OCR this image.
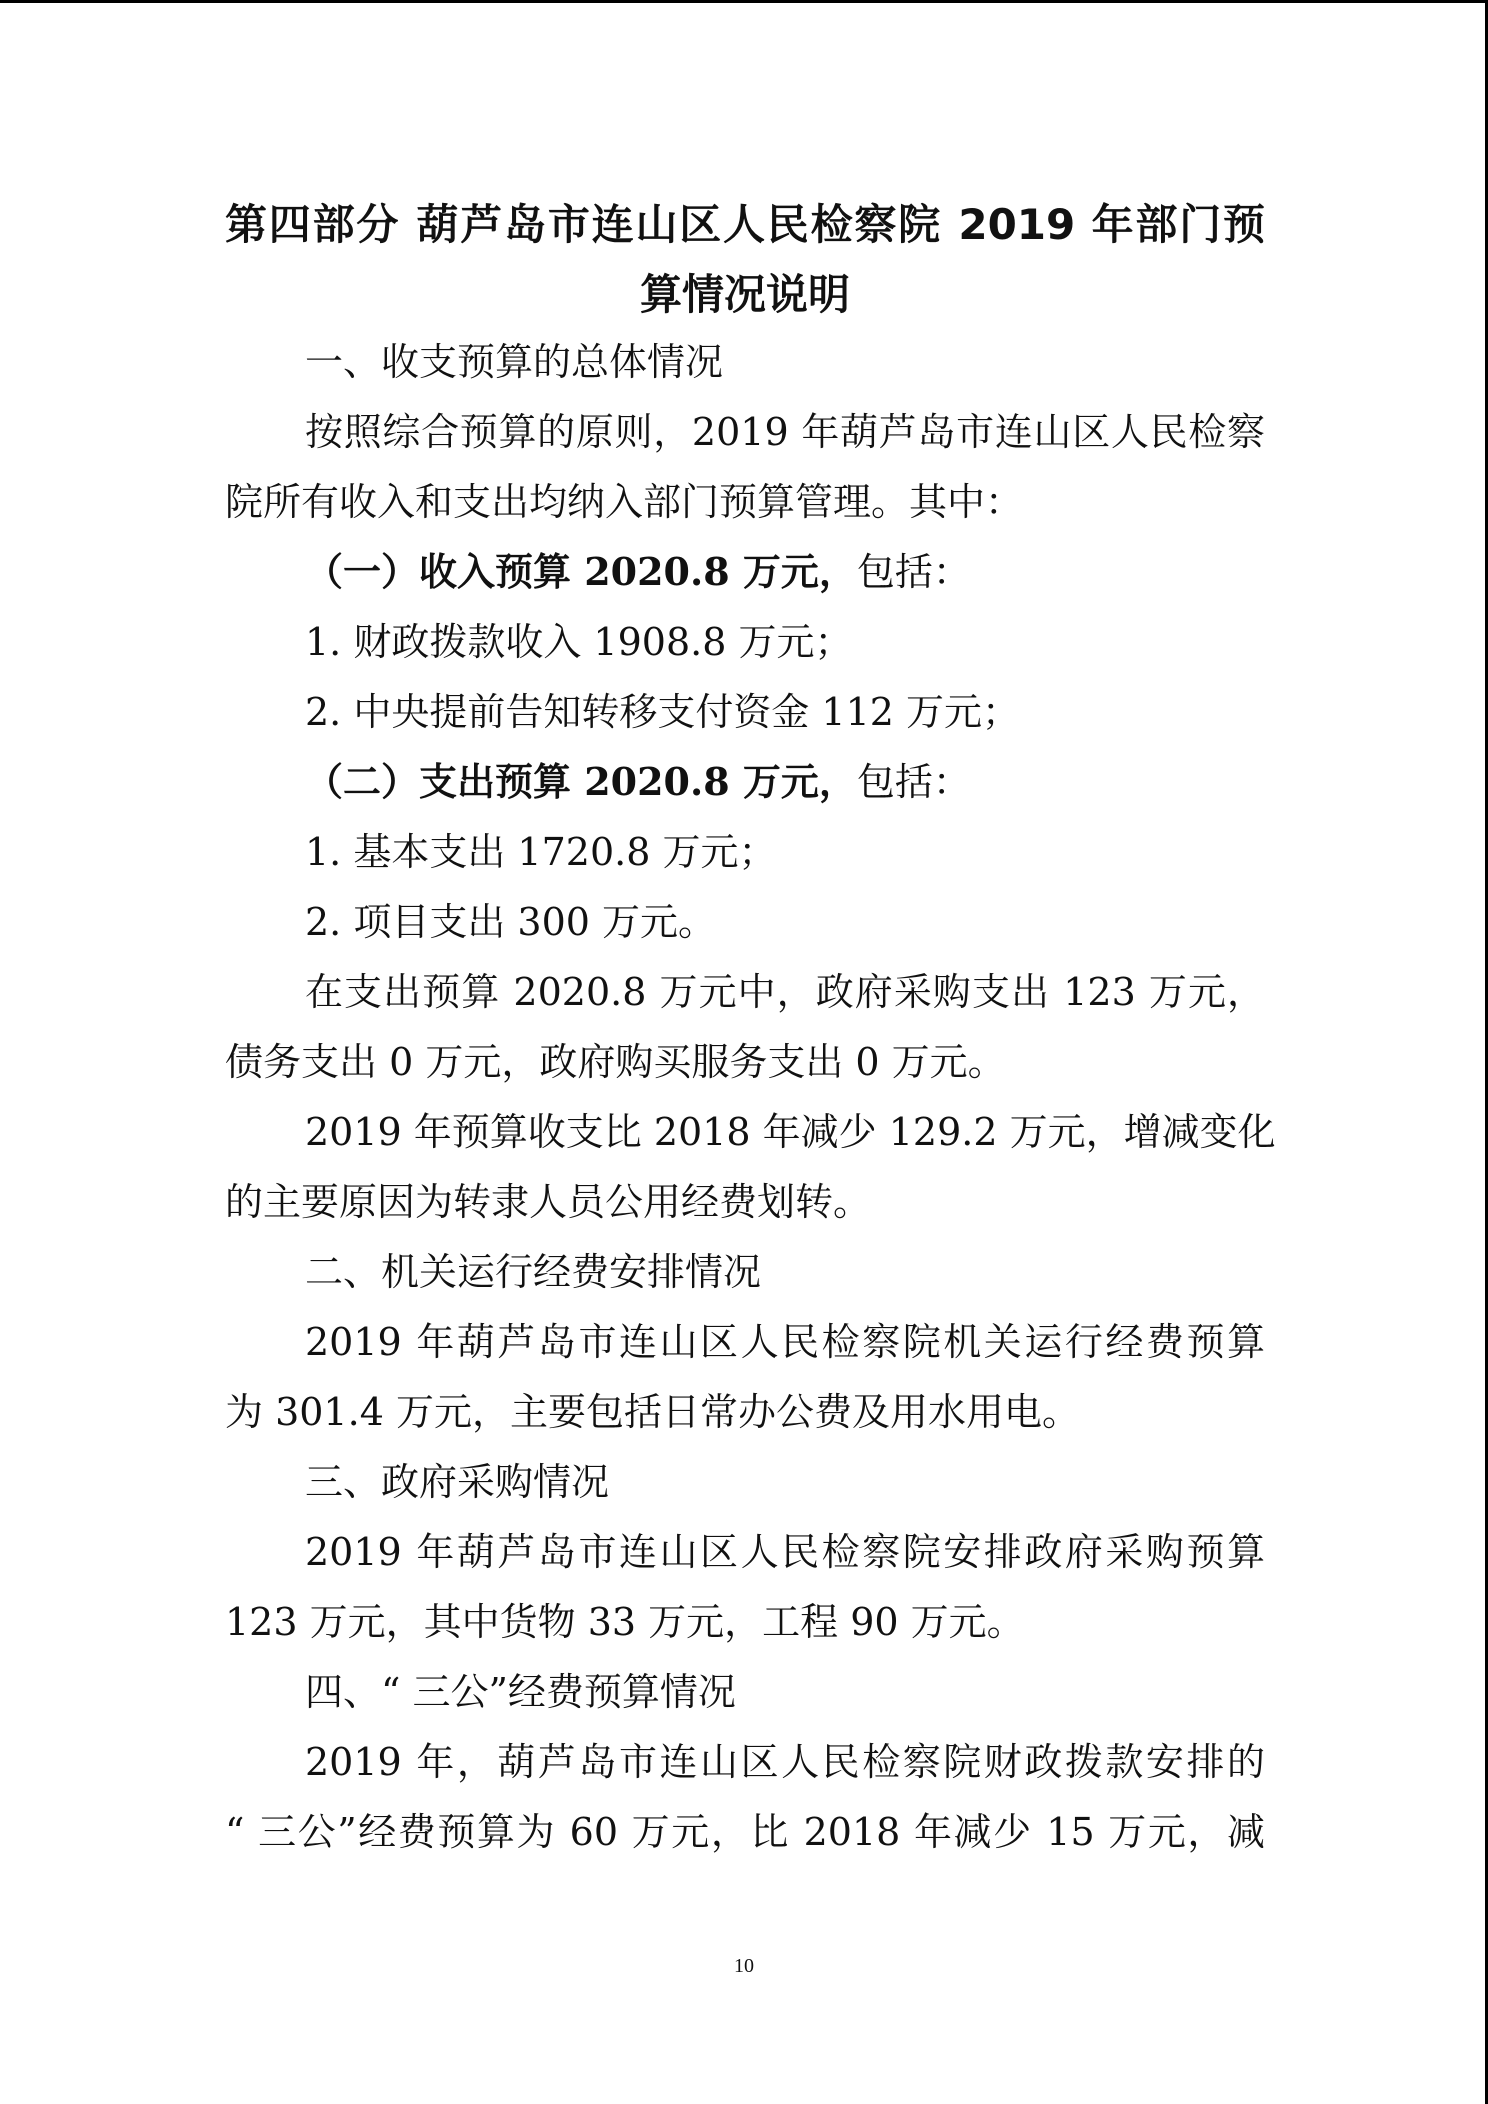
第四部分 葫芦岛市连山区人民检察院 2019 年部门预
算情况说明
一、收支预算的总体情况
按照综合预算的原则，2019 年葫芦岛市连山区人民检察
院所有收入和支出均纳入部门预算管理。其中：
（一）收入预算 2020.8 万元，包括：
1. 财政拨款收入 1908.8 万元；
2. 中央提前告知转移支付资金 112 万元；
（二）支出预算 2020.8 万元，包括：
1. 基本支出 1720.8 万元；
2. 项目支出 300 万元。
在支出预算 2020.8 万元中，政府采购支出 123 万元，
债务支出 0 万元，政府购买服务支出 0 万元。
2019 年预算收支比 2018 年减少 129.2 万元，增减变化
的主要原因为转隶人员公用经费划转。
二、机关运行经费安排情况
2019 年葫芦岛市连山区人民检察院机关运行经费预算
为 301.4 万元，主要包括日常办公费及用水用电。
三、政府采购情况
2019 年葫芦岛市连山区人民检察院安排政府采购预算
123 万元，其中货物 33 万元，工程 90 万元。
四、“ 三公”经费预算情况
2019 年，葫芦岛市连山区人民检察院财政拨款安排的
“ 三公”经费预算为 60 万元，比 2018 年减少 15 万元，减
10
